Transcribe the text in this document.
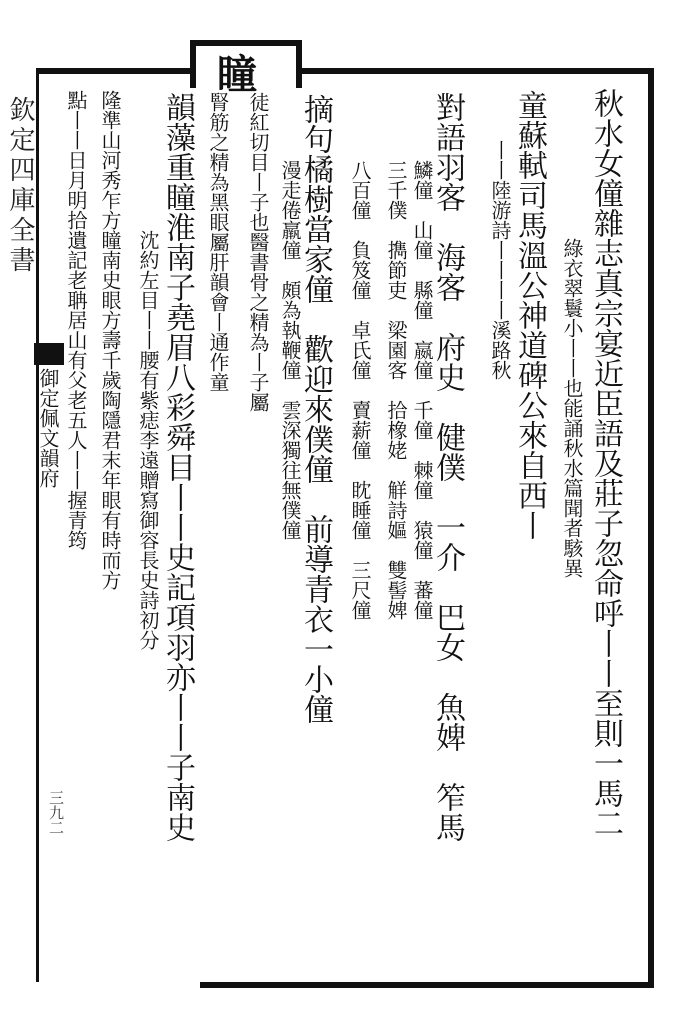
欽定四庫全書
御定佩文韻府
三九二
瞳
秋水女僮雜志真宗宴近臣語及莊子忽命呼丨丨至則一馬二
綠衣翠鬟小丨丨也能誦秋水篇聞者駭異
童蘇軾司馬溫公神道碑公來自西丨
丨丨陸游詩丨丨丨丨溪路秋
對語羽客　海客　府史　健僕　一介　巴女　魚婢　笮馬
鱗僮　山僮　縣僮　嬴僮　千僮　棘僮　猿僮　蕃僮
三千僕　擕節吏　梁園客　拾橡姥　觧詩嫗　雙髻婢
八百僮　負笈僮　卓氏僮　賣薪僮　眈睡僮　三尺僮
摘句橘樹當家僮　歡迎來僕僮　前導青衣一小僮
漫走倦羸僮　頗為執鞭僮　雲深獨往無僕僮
徒紅切目丨子也醫書骨之精為丨子屬
腎筋之精為黑眼屬肝韻會丨通作童
韻藻重瞳淮南子堯眉八彩舜目丨丨史記項羽亦丨丨子南史
沈約左目丨丨腰有紫痣李遠贈寫御容長史詩初分
隆準山河秀乍方瞳南史眼方壽千歲陶隱君末年眼有時而方
點丨丨日月明拾遺記老聃居山有父老五人丨丨握青筠
